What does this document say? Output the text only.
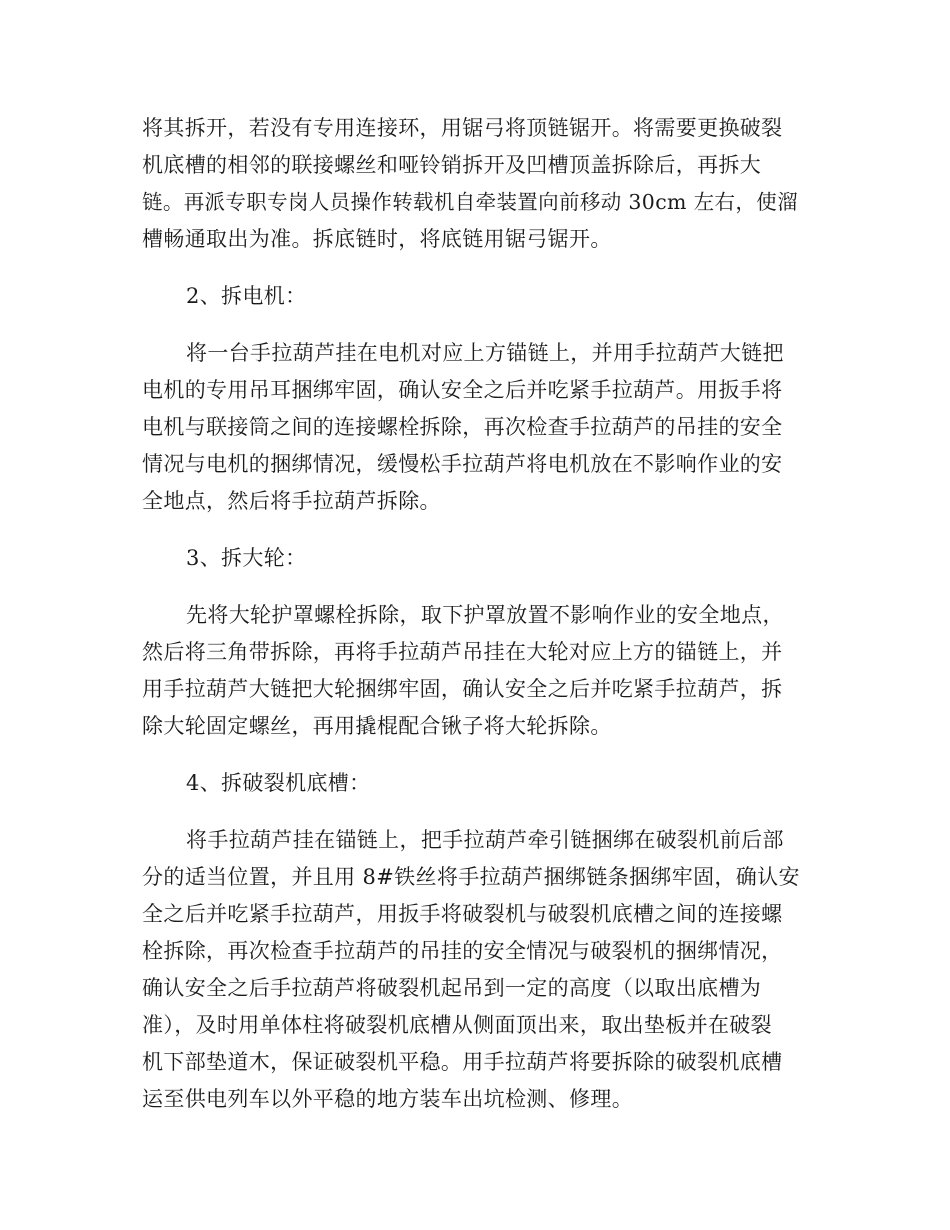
将其拆开，若没有专用连接环，用锯弓将顶链锯开。将需要更换破裂
机底槽的相邻的联接螺丝和哑铃销拆开及凹槽顶盖拆除后，再拆大
链。再派专职专岗人员操作转载机自牵装置向前移动 30cm 左右，使溜
槽畅通取出为准。拆底链时，将底链用锯弓锯开。
2、拆电机：
将一台手拉葫芦挂在电机对应上方锚链上，并用手拉葫芦大链把
电机的专用吊耳捆绑牢固，确认安全之后并吃紧手拉葫芦。用扳手将
电机与联接筒之间的连接螺栓拆除，再次检查手拉葫芦的吊挂的安全
情况与电机的捆绑情况，缓慢松手拉葫芦将电机放在不影响作业的安
全地点，然后将手拉葫芦拆除。
3、拆大轮：
先将大轮护罩螺栓拆除，取下护罩放置不影响作业的安全地点，
然后将三角带拆除，再将手拉葫芦吊挂在大轮对应上方的锚链上，并
用手拉葫芦大链把大轮捆绑牢固，确认安全之后并吃紧手拉葫芦，拆
除大轮固定螺丝，再用撬棍配合锹子将大轮拆除。
4、拆破裂机底槽：
将手拉葫芦挂在锚链上，把手拉葫芦牵引链捆绑在破裂机前后部
分的适当位置，并且用 8#铁丝将手拉葫芦捆绑链条捆绑牢固，确认安
全之后并吃紧手拉葫芦，用扳手将破裂机与破裂机底槽之间的连接螺
栓拆除，再次检查手拉葫芦的吊挂的安全情况与破裂机的捆绑情况，
确认安全之后手拉葫芦将破裂机起吊到一定的高度（以取出底槽为
准），及时用单体柱将破裂机底槽从侧面顶出来，取出垫板并在破裂
机下部垫道木，保证破裂机平稳。用手拉葫芦将要拆除的破裂机底槽
运至供电列车以外平稳的地方装车出坑检测、修理。
